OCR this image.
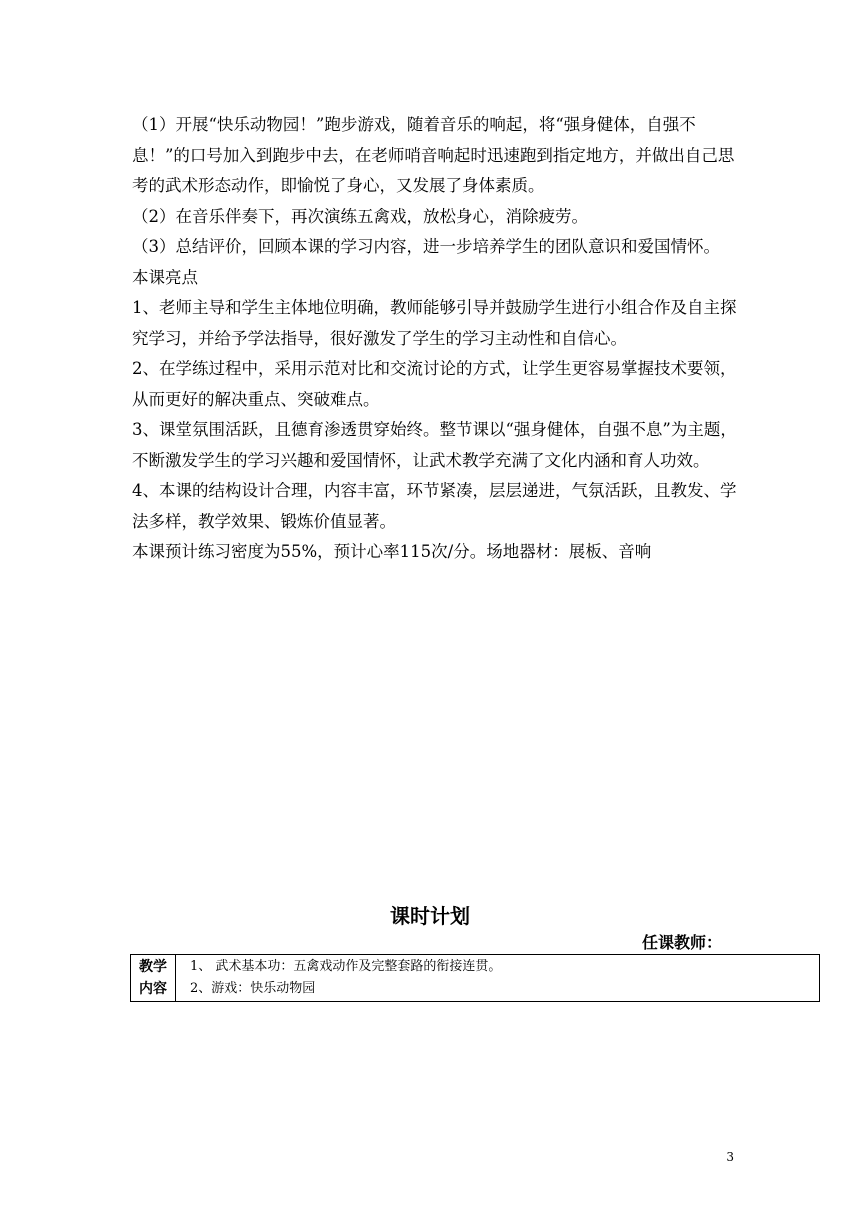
（1）开展“快乐动物园！”跑步游戏，随着音乐的响起，将“强身健体，自强不息！”的口号加入到跑步中去，在老师哨音响起时迅速跑到指定地方，并做出自己思考的武术形态动作，即愉悦了身心，又发展了身体素质。

（2）在音乐伴奏下，再次演练五禽戏，放松身心，消除疲劳。

（3）总结评价，回顾本课的学习内容，进一步培养学生的团队意识和爱国情怀。

本课亮点

1、老师主导和学生主体地位明确，教师能够引导并鼓励学生进行小组合作及自主探究学习，并给予学法指导，很好激发了学生的学习主动性和自信心。

2、在学练过程中，采用示范对比和交流讨论的方式，让学生更容易掌握技术要领，从而更好的解决重点、突破难点。

3、课堂氛围活跃，且德育渗透贯穿始终。整节课以“强身健体，自强不息”为主题，不断激发学生的学习兴趣和爱国情怀，让武术教学充满了文化内涵和育人功效。

4、本课的结构设计合理，内容丰富，环节紧凑，层层递进，气氛活跃，且教发、学法多样，教学效果、锻炼价值显著。

本课预计练习密度为55%，预计心率115次/分。场地器材：展板、音响

课时计划
任课教师：
教学
内容

1、 武术基本功：五禽戏动作及完整套路的衔接连贯。
2、游戏：快乐动物园
3
